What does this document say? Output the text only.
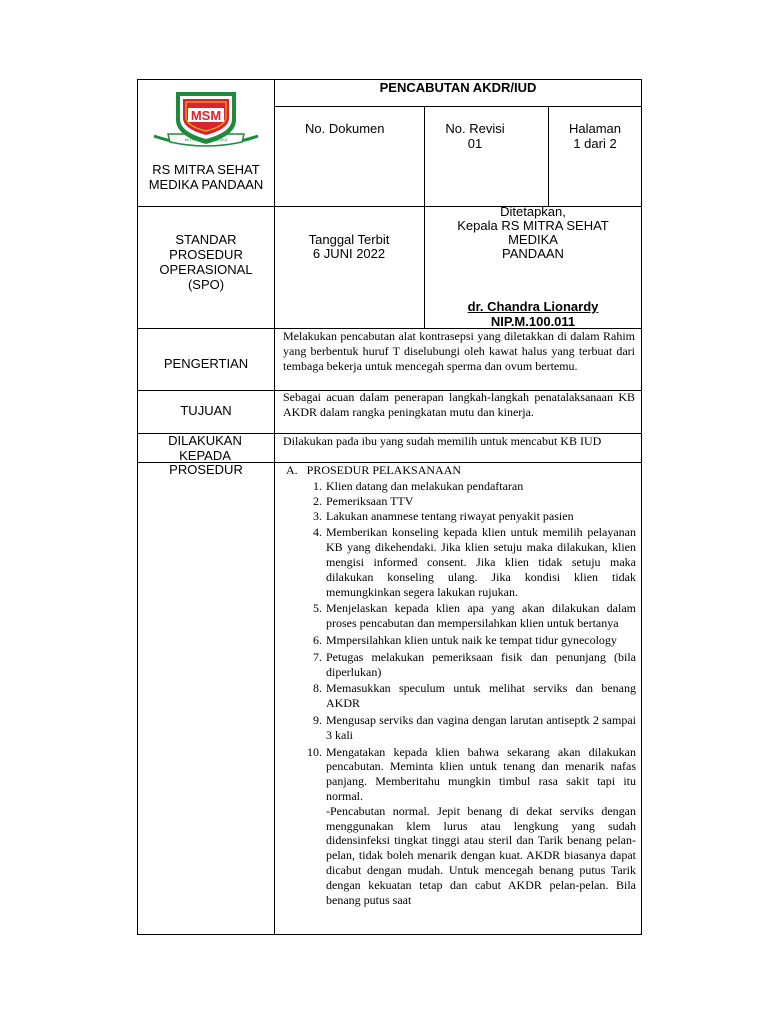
MSM
MITRA SEHAT MEDIKA
RS MITRA SEHAT MEDIKA PANDAAN
PENCABUTAN AKDR/IUD
No. Dokumen	No. Revisi
01
Halaman
1 dari 2
STANDAR PROSEDUR OPERASIONAL (SPO)
Tanggal Terbit
6 JUNI 2022
Ditetapkan,
Kepala RS MITRA SEHAT
MEDIKA
PANDAAN
dr. Chandra Lionardy
NIP.M.100.011
PENGERTIAN
Melakukan pencabutan alat kontrasepsi yang diletakkan di dalam Rahim yang berbentuk huruf T diselubungi oleh kawat halus yang terbuat dari tembaga bekerja untuk mencegah sperma dan ovum bertemu.
TUJUAN
Sebagai acuan dalam penerapan langkah-langkah penatalaksanaan KB AKDR dalam rangka peningkatan mutu dan kinerja.
DILAKUKAN KEPADA
Dilakukan pada ibu yang sudah memilih untuk mencabut KB IUD
PROSEDUR	A.   PROSEDUR PELAKSANAAN
1. Klien datang dan melakukan pendaftaran
2. Pemeriksaan TTV
3. Lakukan anamnese tentang riwayat penyakit pasien
4. Memberikan konseling kepada klien untuk memilih pelayanan KB yang dikehendaki. Jika klien setuju maka dilakukan, klien mengisi informed consent. Jika klien tidak setuju maka dilakukan konseling ulang. Jika kondisi klien tidak memungkinkan segera lakukan rujukan.
5. Menjelaskan kepada klien apa yang akan dilakukan dalam proses pencabutan dan mempersilahkan klien untuk bertanya
6. Mmpersilahkan klien untuk naik ke tempat tidur gynecology
7. Petugas melakukan pemeriksaan fisik dan penunjang (bila diperlukan)
8. Memasukkan speculum untuk melihat serviks dan benang AKDR
9. Mengusap serviks dan vagina dengan larutan antiseptk 2 sampai 3 kali
10. Mengatakan kepada klien bahwa sekarang akan dilakukan pencabutan. Meminta klien untuk tenang dan menarik nafas panjang. Memberitahu mungkin timbul rasa sakit tapi itu normal.
-Pencabutan normal. Jepit benang di dekat serviks dengan menggunakan klem lurus atau lengkung yang sudah didensinfeksi tingkat tinggi atau steril dan Tarik benang pelan-pelan, tidak boleh menarik dengan kuat. AKDR biasanya dapat dicabut dengan mudah. Untuk mencegah benang putus Tarik dengan kekuatan tetap dan cabut AKDR pelan-pelan. Bila benang putus saat
